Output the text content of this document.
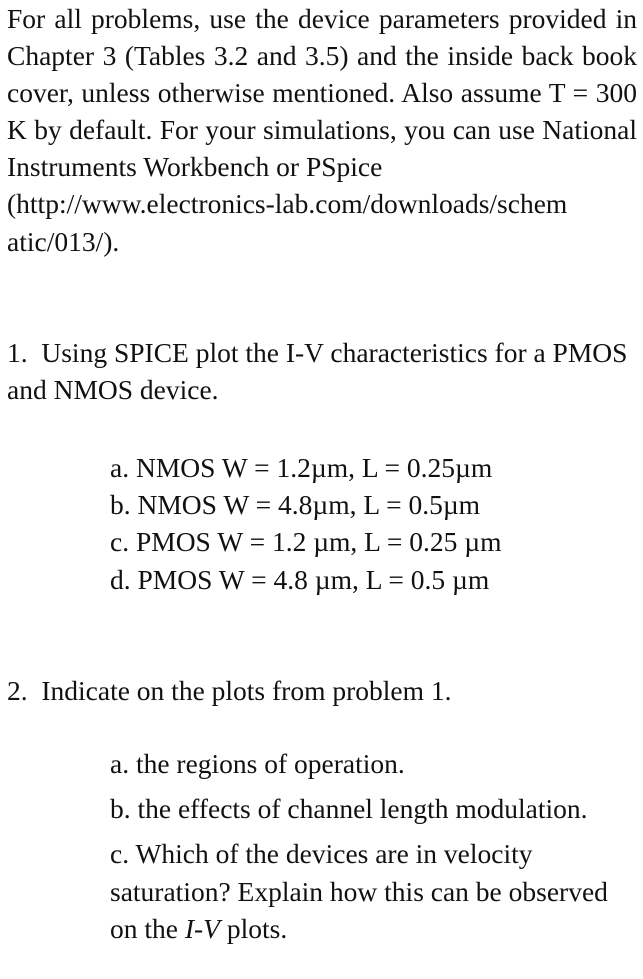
For all problems, use the device parameters provided in Chapter 3 (Tables 3.2 and 3.5) and the inside back book cover, unless otherwise mentioned. Also assume T = 300 K by default. For your simulations, you can use National Instruments Workbench or PSpice
(http://www.electronics-lab.com/downloads/schem
atic/013/).

1. Using SPICE plot the I-V characteristics for a PMOS and NMOS device.

a. NMOS W = 1.2µm, L = 0.25µm
b. NMOS W = 4.8µm, L = 0.5µm
c. PMOS W = 1.2 µm, L = 0.25 µm
d. PMOS W = 4.8 µm, L = 0.5 µm

2. Indicate on the plots from problem 1.

a. the regions of operation.
b. the effects of channel length modulation.
c. Which of the devices are in velocity saturation? Explain how this can be observed on the I-V plots.
